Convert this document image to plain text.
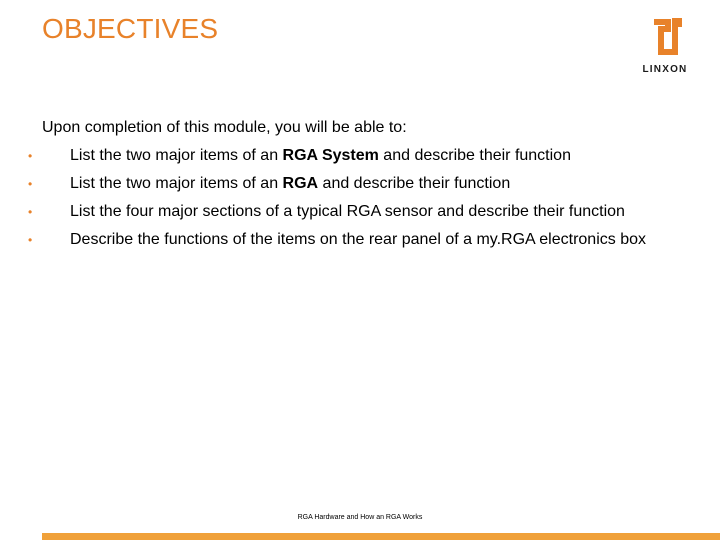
OBJECTIVES
LINXON

Upon completion of this module, you will be able to:

•	List the two major items of an RGA System and describe their function
•	List the two major items of an RGA and describe their function
•	List the four major sections of a typical RGA sensor and describe their function
•	Describe the functions of the items on the rear panel of a my.RGA electronics box
RGA Hardware and How an RGA Works
